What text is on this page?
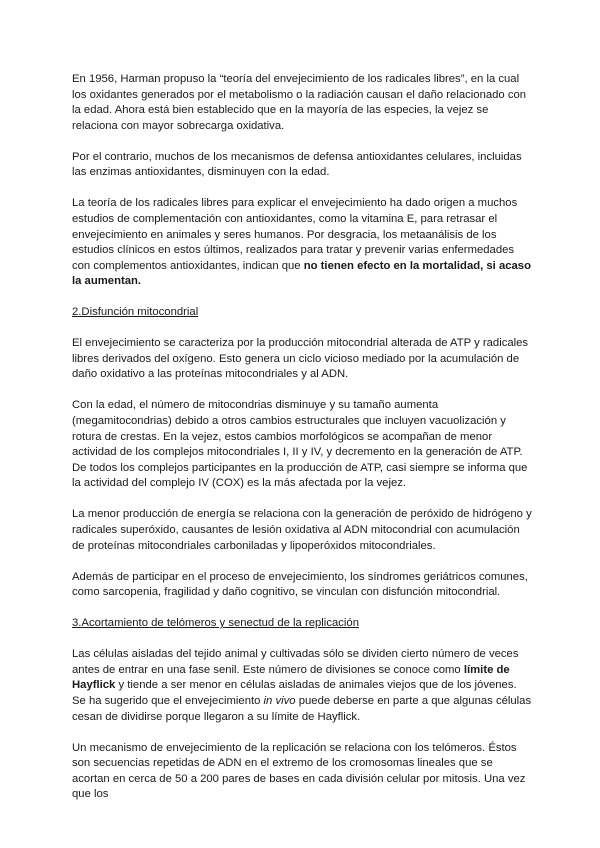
En 1956, Harman propuso la “teoría del envejecimiento de los radicales libres”, en la cual los oxidantes generados por el metabolismo o la radiación causan el daño relacionado con la edad. Ahora está bien establecido que en la mayoría de las especies, la vejez se relaciona con mayor sobrecarga oxidativa.

Por el contrario, muchos de los mecanismos de defensa antioxidantes celulares, incluidas las enzimas antioxidantes, disminuyen con la edad.

La teoría de los radicales libres para explicar el envejecimiento ha dado origen a muchos estudios de complementación con antioxidantes, como la vitamina E, para retrasar el envejecimiento en animales y seres humanos. Por desgracia, los metaanálisis de los estudios clínicos en estos últimos, realizados para tratar y prevenir varias enfermedades con complementos antioxidantes, indican que no tienen efecto en la mortalidad, si acaso la aumentan.

2.Disfunción mitocondrial

El envejecimiento se caracteriza por la producción mitocondrial alterada de ATP y radicales libres derivados del oxígeno. Esto genera un ciclo vicioso mediado por la acumulación de daño oxidativo a las proteínas mitocondriales y al ADN.

Con la edad, el número de mitocondrias disminuye y su tamaño aumenta (megamitocondrias) debido a otros cambios estructurales que incluyen vacuolización y rotura de crestas. En la vejez, estos cambios morfológicos se acompañan de menor actividad de los complejos mitocondriales I, II y IV, y decremento en la generación de ATP. De todos los complejos participantes en la producción de ATP, casi siempre se informa que la actividad del complejo IV (COX) es la más afectada por la vejez.

La menor producción de energía se relaciona con la generación de peróxido de hidrógeno y radicales superóxido, causantes de lesión oxidativa al ADN mitocondrial con acumulación de proteínas mitocondriales carboniladas y lipoperóxidos mitocondriales.

Además de participar en el proceso de envejecimiento, los síndromes geriátricos comunes, como sarcopenia, fragilidad y daño cognitivo, se vinculan con disfunción mitocondrial.

3.Acortamiento de telómeros y senectud de la replicación

Las células aisladas del tejido animal y cultivadas sólo se dividen cierto número de veces antes de entrar en una fase senil. Este número de divisiones se conoce como límite de Hayflick y tiende a ser menor en células aisladas de animales viejos que de los jóvenes. Se ha sugerido que el envejecimiento in vivo puede deberse en parte a que algunas células cesan de dividirse porque llegaron a su límite de Hayflick.

Un mecanismo de envejecimiento de la replicación se relaciona con los telómeros. Éstos son secuencias repetidas de ADN en el extremo de los cromosomas lineales que se acortan en cerca de 50 a 200 pares de bases en cada división celular por mitosis. Una vez que los
